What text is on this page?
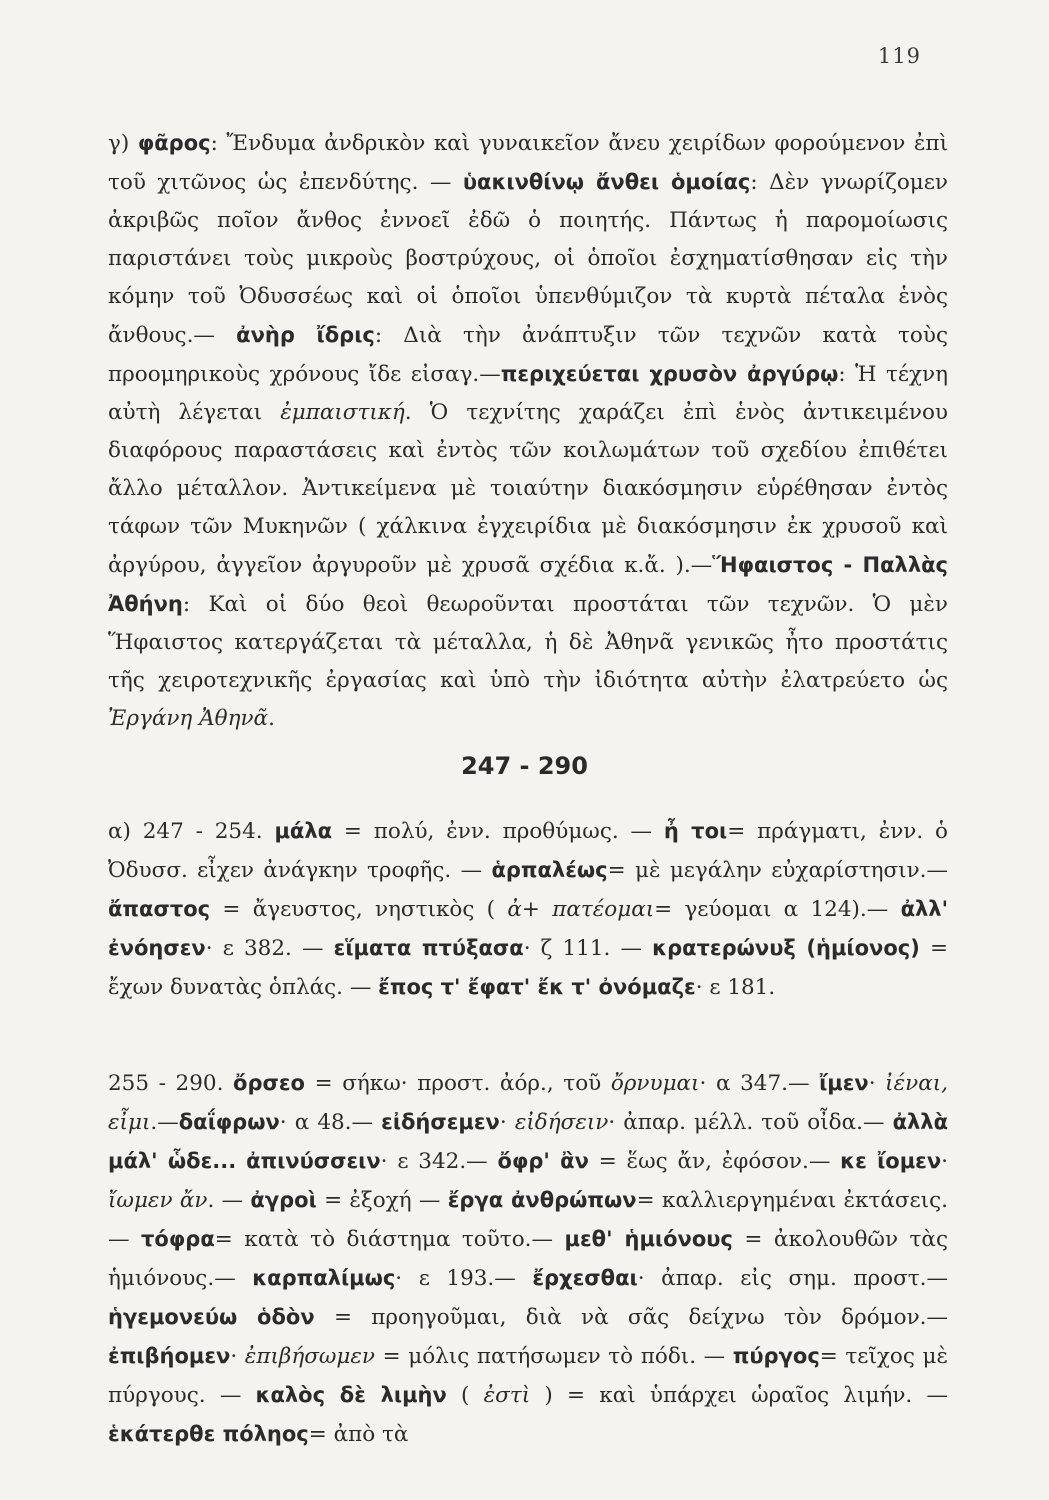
119

γ) φᾶρος: Ἔνδυμα ἀνδρικὸν καὶ γυναικεῖον ἄνευ χειρίδων φορούμενον ἐπὶ τοῦ χιτῶνος ὡς ἐπενδύτης. — ὑακινθίνῳ ἄνθει ὁμοίας: Δὲν γνωρίζομεν ἀκριβῶς ποῖον ἄνθος ἐννοεῖ ἐδῶ ὁ ποιητής. Πάντως ἡ παρομοίωσις παριστάνει τοὺς μικροὺς βοστρύχους, οἱ ὁποῖοι ἐσχηματίσθησαν εἰς τὴν κόμην τοῦ Ὀδυσσέως καὶ οἱ ὁποῖοι ὑπενθύμιζον τὰ κυρτὰ πέταλα ἑνὸς ἄνθους.— ἀνὴρ ἴδρις: Διὰ τὴν ἀνάπτυξιν τῶν τεχνῶν κατὰ τοὺς προομηρικοὺς χρόνους ἴδε εἰσαγ.—περιχεύεται χρυσὸν ἀργύρῳ: Ἡ τέχνη αὐτὴ λέγεται ἐμπαιστική. Ὁ τεχνίτης χαράζει ἐπὶ ἑνὸς ἀντικειμένου διαφόρους παραστάσεις καὶ ἐντὸς τῶν κοιλωμάτων τοῦ σχεδίου ἐπιθέτει ἄλλο μέταλλον. Ἀντικείμενα μὲ τοιαύτην διακόσμησιν εὑρέθησαν ἐντὸς τάφων τῶν Μυκηνῶν ( χάλκινα ἐγχειρίδια μὲ διακόσμησιν ἐκ χρυσοῦ καὶ ἀργύρου, ἀγγεῖον ἀργυροῦν μὲ χρυσᾶ σχέδια κ.ἄ. ).—Ἥφαιστος - Παλλὰς Ἀθήνη: Καὶ οἱ δύο θεοὶ θεωροῦνται προστάται τῶν τεχνῶν. Ὁ μὲν Ἥφαιστος κατεργάζεται τὰ μέταλλα, ἡ δὲ Ἀθηνᾶ γενικῶς ἦτο προστάτις τῆς χειροτεχνικῆς ἐργασίας καὶ ὑπὸ τὴν ἰδιότητα αὐτὴν ἐλατρεύετο ὡς Ἐργάνη Ἀθηνᾶ.

247 - 290

α) 247 - 254. μάλα = πολύ, ἐνν. προθύμως. — ἦ τοι= πράγματι, ἐνν. ὁ Ὀδυσσ. εἶχεν ἀνάγκην τροφῆς. — ἁρπαλέως= μὲ μεγάλην εὐχαρίστησιν.— ἄπαστος = ἄγευστος, νηστικὸς ( ἀ+ πατέομαι= γεύομαι α 124).— ἀλλ' ἐνόησεν· ε 382. — εἵματα πτύξασα· ζ 111. — κρατερώνυξ (ἡμίονος) = ἔχων δυνατὰς ὁπλάς. — ἔπος τ' ἔφατ' ἔκ τ' ὀνόμαζε· ε 181.

255 - 290. ὄρσεο = σήκω· προστ. ἀόρ., τοῦ ὄρνυμαι· α 347.— ἴμεν· ἰέναι, εἶμι.—δαΐφρων· α 48.— εἰδήσεμεν· εἰδήσειν· ἀπαρ. μέλλ. τοῦ οἶδα.— ἀλλὰ μάλ' ὧδε... ἀπινύσσειν· ε 342.— ὄφρ' ἂν = ἕως ἄν, ἐφόσον.— κε ἴομεν· ἴωμεν ἄν. — ἀγροὶ = ἐξοχή — ἔργα ἀνθρώπων= καλλιεργημέναι ἐκτάσεις.— τόφρα= κατὰ τὸ διάστημα τοῦτο.— μεθ' ἡμιόνους = ἀκολουθῶν τὰς ἡμιόνους.— καρπαλίμως· ε 193.— ἔρχεσθαι· ἀπαρ. εἰς σημ. προστ.— ἡγεμονεύω ὁδὸν = προηγοῦμαι, διὰ νὰ σᾶς δείχνω τὸν δρόμον.— ἐπιβήομεν· ἐπιβήσωμεν = μόλις πατήσωμεν τὸ πόδι. — πύργος= τεῖχος μὲ πύργους. — καλὸς δὲ λιμὴν ( ἐστὶ ) = καὶ ὑπάρχει ὡραῖος λιμήν. — ἑκάτερθε πόληος= ἀπὸ τὰ
